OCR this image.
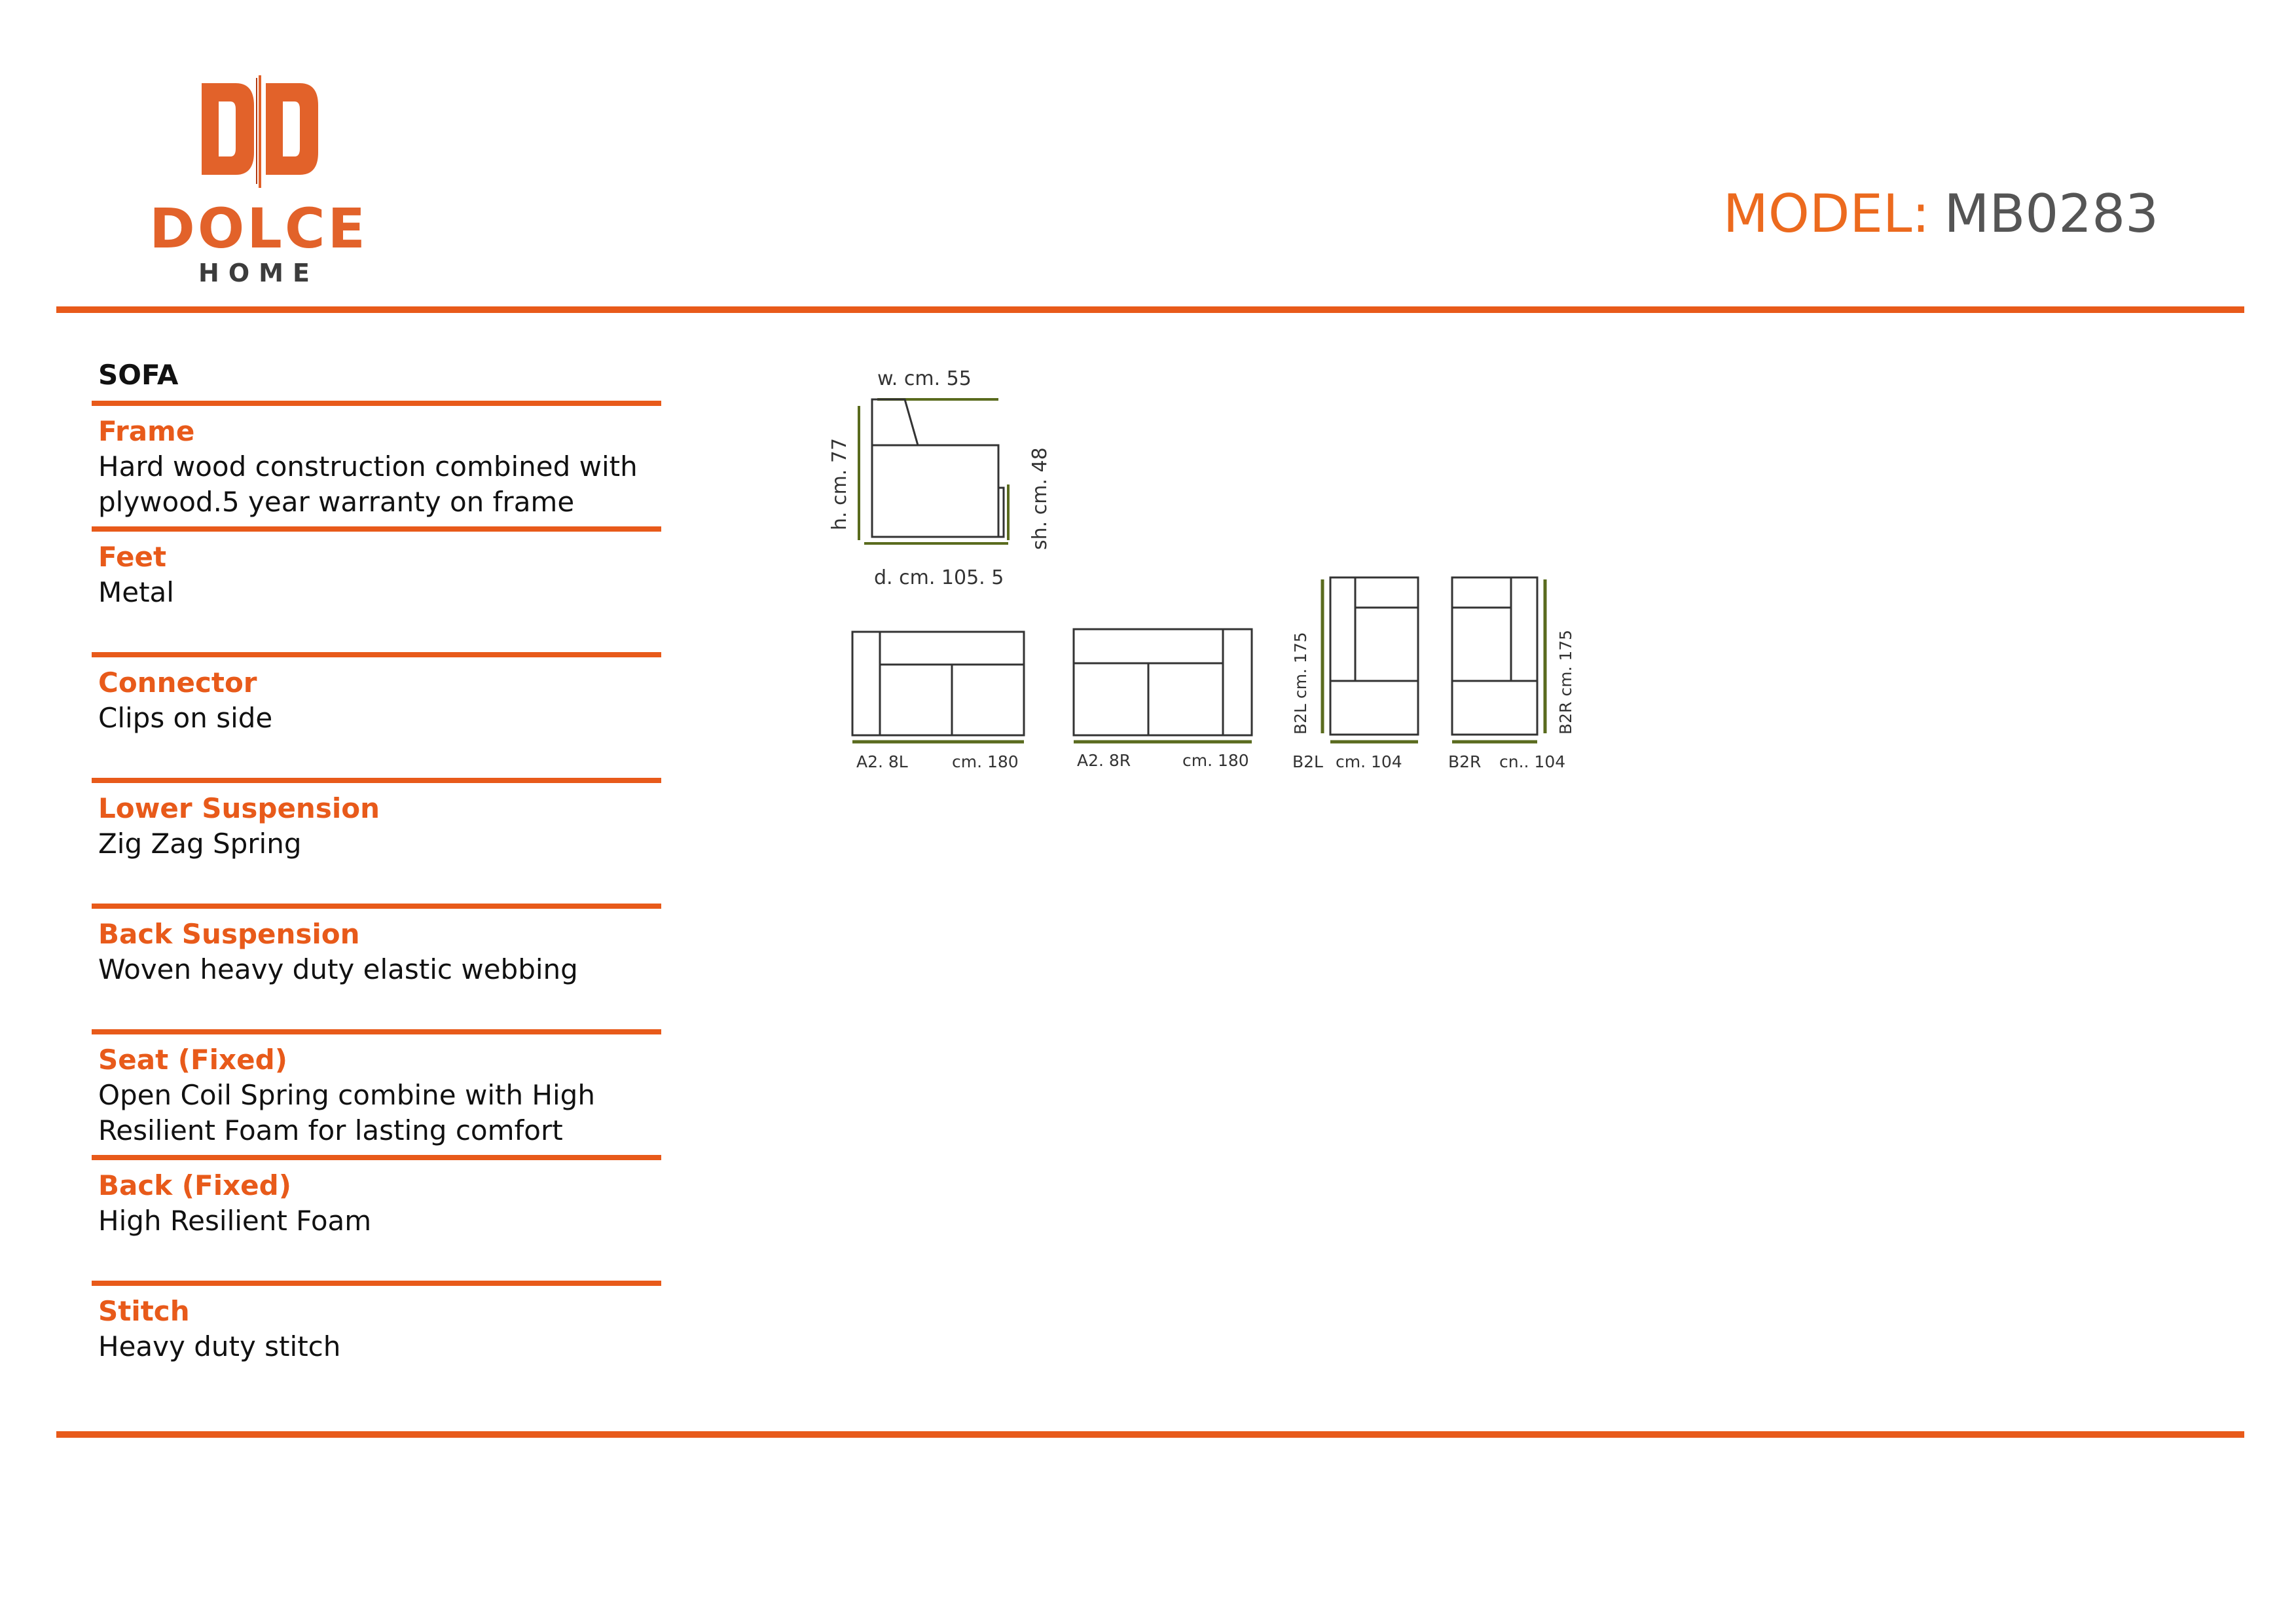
DOLCE
HOME
MODEL: MB0283
SOFA
Frame
Hard wood construction combined with plywood.5 year warranty on frame
Feet
Metal
Connector
Clips on side
Lower Suspension
Zig Zag Spring
Back Suspension
Woven heavy duty elastic webbing
Seat (Fixed)
Open Coil Spring combine with High Resilient Foam for lasting comfort
Back (Fixed)
High Resilient Foam
Stitch
Heavy duty stitch
w. cm. 55
h. cm. 77	sh. cm. 48
d. cm. 105. 5
A2. 8L	cm. 180	A2. 8R	cm. 180
B2L cm. 175
B2L cm. 104
B2R cm. 175
B2R cn.. 104
